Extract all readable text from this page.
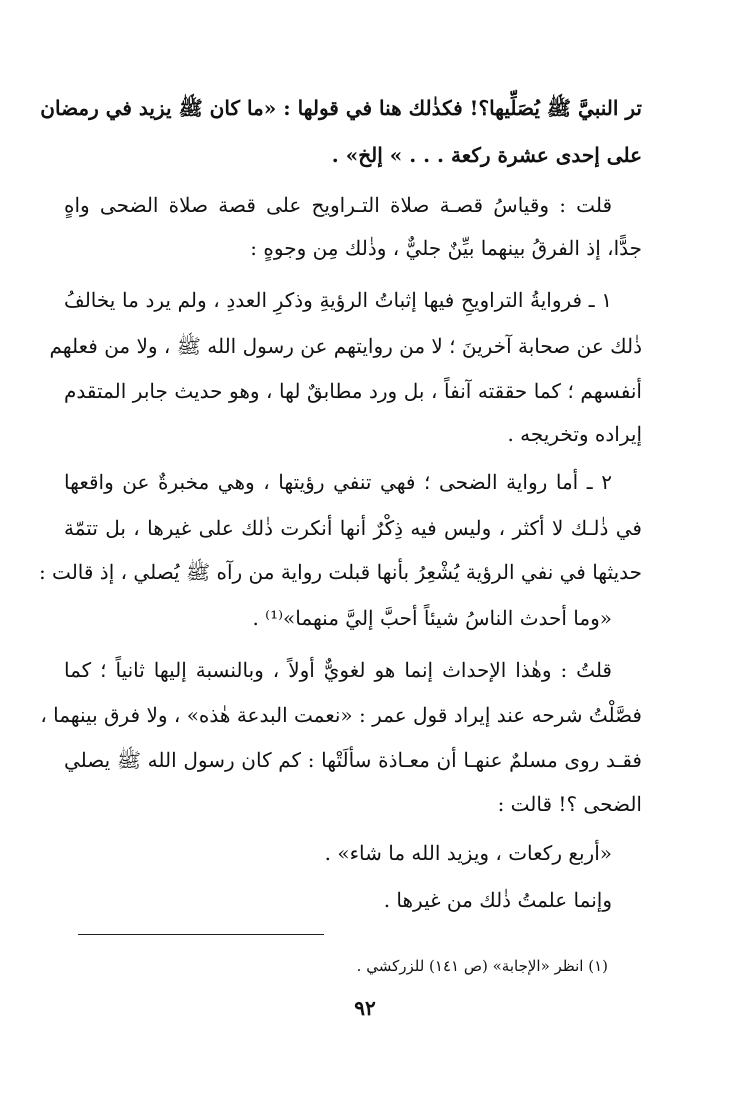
تر النبيَّ ﷺ يُصَلِّيها؟! فكذٰلك هنا في قولها : «ما كان ﷺ يزيد في رمضان
على إحدى عشرة ركعة . . . » إلخ» .
قلت : وقياسُ قصـة صلاة التـراويح على قصة صلاة الضحى واهٍ
جدًّا، إذ الفرقُ بينهما بيِّنٌ جليٌّ ، وذٰلك مِن وجوهٍ :
١ ـ فروايةُ التراويحِ فيها إثباتُ الرؤيةِ وذكرِ العددِ ، ولم يرد ما يخالفُ
ذٰلك عن صحابة آخرينَ ؛ لا من روايتهم عن رسول الله ﷺ ، ولا من فعلهم
أنفسهم ؛ كما حققته آنفاً ، بل ورد مطابقٌ لها ، وهو حديث جابر المتقدم
إيراده وتخريجه .
٢ ـ أما رواية الضحى ؛ فهي تنفي رؤيتها ، وهي مخبرةٌ عن واقعها
في ذٰلـك لا أكثر ، وليس فيه ذِكْرٌ أنها أنكرت ذٰلك على غيرها ، بل تتمّة
حديثها في نفي الرؤية يُشْعِرُ بأنها قبلت رواية من رآه ﷺ يُصلي ، إذ قالت :
«وما أحدث الناسُ شيئاً أحبَّ إليَّ منهما»⁽¹⁾ .
قلتُ : وهٰذا الإحداث إنما هو لغويٌّ أولاً ، وبالنسبة إليها ثانياً ؛ كما
فصَّلْتُ شرحه عند إيراد قول عمر : «نعمت البدعة هٰذه» ، ولا فرق بينهما ،
فقـد روى مسلمٌ عنهـا أن معـاذة سألَتْها : كم كان رسول الله ﷺ يصلي
الضحى ؟! قالت :
«أربع ركعات ، ويزيد الله ما شاء» .
وإنما علمتُ ذٰلك من غيرها .
(١) انظر «الإجابة» (ص ١٤١) للزركشي .
٩٢
